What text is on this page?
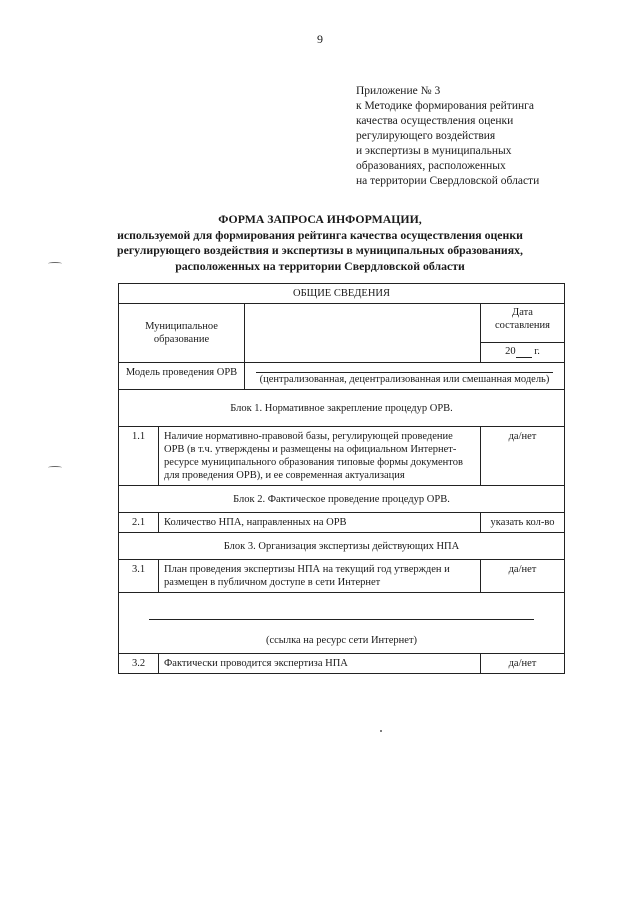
9
Приложение № 3
к Методике формирования рейтинга
качества осуществления оценки
регулирующего воздействия
и экспертизы в муниципальных
образованиях, расположенных
на территории Свердловской области
ФОРМА ЗАПРОСА ИНФОРМАЦИИ,
используемой для формирования рейтинга качества осуществления оценки
регулирующего воздействия и экспертизы в муниципальных образованиях,
расположенных на территории Свердловской области
ОБЩИЕ СВЕДЕНИЯ			
Муниципальное образование			Дата составления
20 г.

Модель проведения ОРВ		(централизованная, децентрализованная или смешанная модель)	

Блок 1. Нормативное закрепление процедур ОРВ.			
1.1	Наличие нормативно-правовой базы, регулирующей проведение ОРВ (в т.ч. утверждены и размещены на официальном Интернет-ресурсе муниципального образования типовые формы документов для проведения ОРВ), и ее современная актуализация		да/нет
Блок 2. Фактическое проведение процедур ОРВ.			
2.1	Количество НПА, направленных на ОРВ		указать кол-во
Блок 3. Организация экспертизы действующих НПА			
3.1	План проведения экспертизы НПА на текущий год утвержден и размещен в публичном доступе в сети Интернет		да/нет

(ссылка на ресурс сети Интернет)			

3.2	Фактически проводится экспертиза НПА		да/нет
